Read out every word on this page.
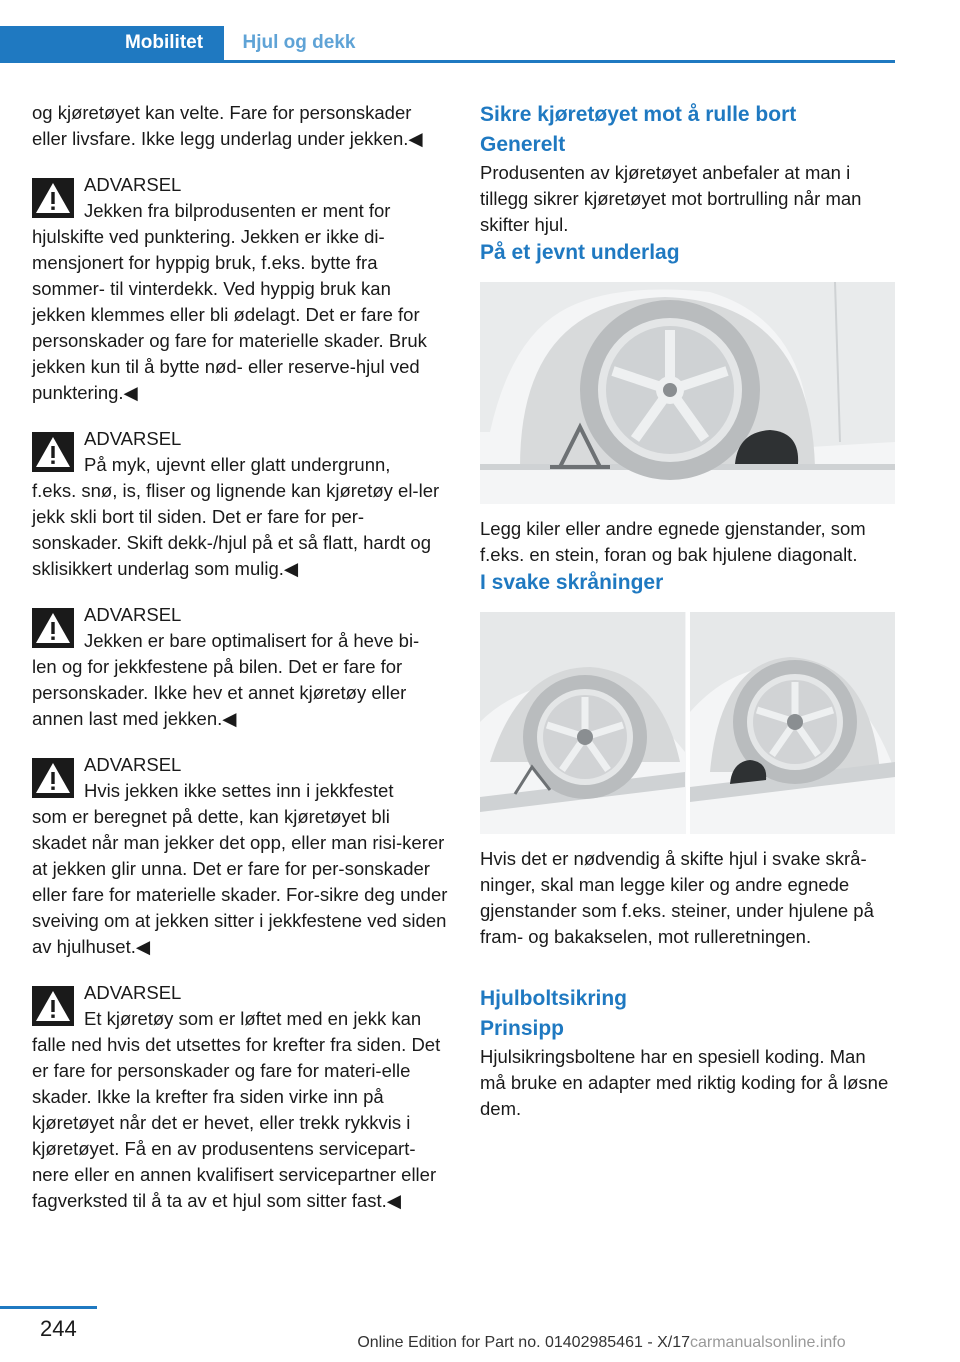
Mobilitet	Hjul og dekk

og kjøretøyet kan velte. Fare for personskader eller livsfare. Ikke legg underlag under jekken.◀

ADVARSEL
Jekken fra bilprodusenten er ment for

hjulskifte ved punktering. Jekken er ikke di-mensjonert for hyppig bruk, f.eks. bytte fra sommer- til vinterdekk. Ved hyppig bruk kan jekken klemmes eller bli ødelagt. Det er fare for personskader og fare for materielle skader. Bruk jekken kun til å bytte nød- eller reserve-hjul ved punktering.◀

ADVARSEL
På myk, ujevnt eller glatt undergrunn,

f.eks. snø, is, fliser og lignende kan kjøretøy el-ler jekk skli bort til siden. Det er fare for per-sonskader. Skift dekk-/hjul på et så flatt, hardt og sklisikkert underlag som mulig.◀

ADVARSEL
Jekken er bare optimalisert for å heve bi-

len og for jekkfestene på bilen. Det er fare for personskader. Ikke hev et annet kjøretøy eller annen last med jekken.◀

ADVARSEL
Hvis jekken ikke settes inn i jekkfestet

som er beregnet på dette, kan kjøretøyet bli skadet når man jekker det opp, eller man risi-kerer at jekken glir unna. Det er fare for per-sonskader eller fare for materielle skader. For-sikre deg under sveiving om at jekken sitter i jekkfestene ved siden av hjulhuset.◀

ADVARSEL
Et kjøretøy som er løftet med en jekk kan

falle ned hvis det utsettes for krefter fra siden. Det er fare for personskader og fare for materi-elle skader. Ikke la krefter fra siden virke inn på kjøretøyet når det er hevet, eller trekk rykkvis i kjøretøyet. Få en av produsentens servicepart-nere eller en annen kvalifisert servicepartner eller fagverksted til å ta av et hjul som sitter fast.◀

Sikre kjøretøyet mot å rulle bort
Generelt

Produsenten av kjøretøyet anbefaler at man i tillegg sikrer kjøretøyet mot bortrulling når man skifter hjul.

På et jevnt underlag

Legg kiler eller andre egnede gjenstander, som f.eks. en stein, foran og bak hjulene diagonalt.

I svake skråninger

Hvis det er nødvendig å skifte hjul i svake skrå-ninger, skal man legge kiler og andre egnede gjenstander som f.eks. steiner, under hjulene på fram- og bakakselen, mot rulleretningen.

Hjulboltsikring
Prinsipp

Hjulsikringsboltene har en spesiell koding. Man må bruke en adapter med riktig koding for å løsne dem.

244
Online Edition for Part no. 01402985461 - X/17 carmanualsonline.info
